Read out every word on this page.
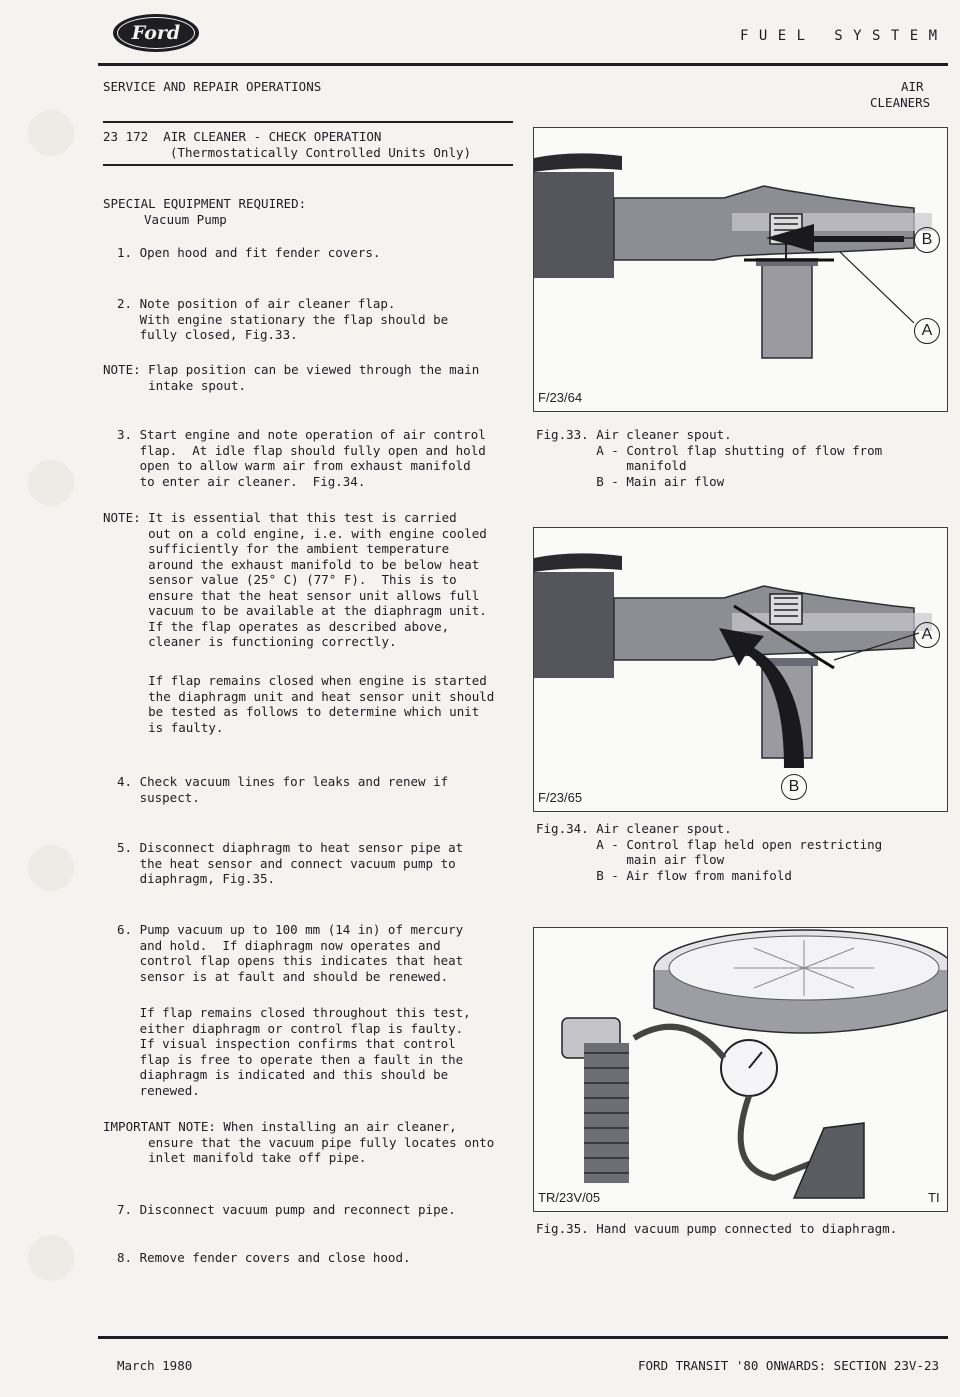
Ford	F U E L   S Y S T E M
SERVICE AND REPAIR OPERATIONS	AIR
CLEANERS
23 172  AIR CLEANER - CHECK OPERATION
(Thermostatically Controlled Units Only)
SPECIAL EQUIPMENT REQUIRED:
Vacuum Pump
1. Open hood and fit fender covers.
2. Note position of air cleaner flap.
With engine stationary the flap should be
fully closed, Fig.33.
NOTE: Flap position can be viewed through the main
intake spout.
3. Start engine and note operation of air control
flap.  At idle flap should fully open and hold
open to allow warm air from exhaust manifold
to enter air cleaner.  Fig.34.
NOTE: It is essential that this test is carried
out on a cold engine, i.e. with engine cooled
sufficiently for the ambient temperature
around the exhaust manifold to be below heat
sensor value (25° C) (77° F).  This is to
ensure that the heat sensor unit allows full
vacuum to be available at the diaphragm unit.
If the flap operates as described above,
cleaner is functioning correctly.
If flap remains closed when engine is started
the diaphragm unit and heat sensor unit should
be tested as follows to determine which unit
is faulty.
4. Check vacuum lines for leaks and renew if
suspect.
5. Disconnect diaphragm to heat sensor pipe at
the heat sensor and connect vacuum pump to
diaphragm, Fig.35.
6. Pump vacuum up to 100 mm (14 in) of mercury
and hold.  If diaphragm now operates and
control flap opens this indicates that heat
sensor is at fault and should be renewed.
If flap remains closed throughout this test,
either diaphragm or control flap is faulty.
If visual inspection confirms that control
flap is free to operate then a fault in the
diaphragm is indicated and this should be
renewed.
IMPORTANT NOTE: When installing an air cleaner,
ensure that the vacuum pipe fully locates onto
inlet manifold take off pipe.
7. Disconnect vacuum pump and reconnect pipe.
8. Remove fender covers and close hood.
B
A
F/23/64
Fig.33. Air cleaner spout.
A - Control flap shutting of flow from
manifold
B - Main air flow
A
B
F/23/65
Fig.34. Air cleaner spout.
A - Control flap held open restricting
main air flow
B - Air flow from manifold
TR/23V/05	TI
Fig.35. Hand vacuum pump connected to diaphragm.
March 1980	FORD TRANSIT '80 ONWARDS: SECTION 23V-23
